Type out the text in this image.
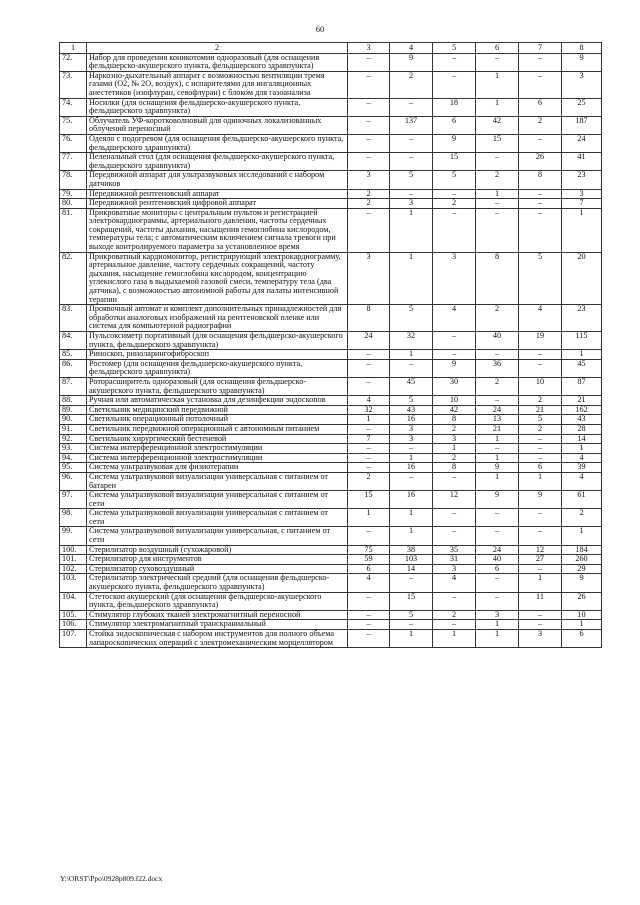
60
1	2	3	4	5	6	7	8
72.	Набор для проведения коникотомии одноразовый (для оснащения фельдшерско-акушерского пункта, фельдшерского здравпункта)	–	9	–	–	–	9
73.	Наркозно-дыхательный аппарат с возможностью вентиляции тремя газами (O2, № 2O, воздух), с испарителями для ингаляционных анестетиков (изофлуран, севофлуран) с блоком для газоанализа	–	2	–	1	–	3
74.	Носилки (для оснащения фельдшерско-акушерского пункта, фельдшерского здравпункта)	–	–	18	1	6	25
75.	Облучатель УФ-коротковолновый для одиночных локализованных облучений переносный	–	137	6	42	2	187
76.	Одеяло с подогревом (для оснащения фельдшерско-акушерского пункта, фельдшерского здравпункта)	–	–	9	15	–	24
77.	Пеленальный стол (для оснащения фельдшерско-акушерского пункта, фельдшерского здравпункта)	–	–	15	–	26	41
78.	Передвижной аппарат для ультразвуковых исследований с набором датчиков	3	5	5	2	8	23
79.	Передвижной рентгеновский аппарат	2	–	–	1	–	3
80.	Передвижной рентгеновский цифровой аппарат	2	3	2	–	–	7
81.	Прикроватные мониторы с центральным пультом и регистрацией электрокардиограммы, артериального давления, частоты сердечных сокращений, частоты дыхания, насыщения гемоглобина кислородом, температуры тела; с автоматическим включением сигнала тревоги при выходе контролируемого параметра за установленное время	–	1	–	–	–	1
82.	Прикроватный кардиомонитор, регистрирующий электрокардиограмму, артериальное давление, частоту сердечных сокращений, частоту дыхания, насыщение гемоглобина кислородом, концентрацию углекислого газа в выдыхаемой газовой смеси, температуру тела (два датчика), с возможностью автономной работы для палаты интенсивной терапии	3	1	3	8	5	20
83.	Проявочный автомат и комплект дополнительных принадлежностей для обработки аналоговых изображений на рентгеновской пленке или система для компьютерной радиографии	8	5	4	2	4	23
84.	Пульсоксиметр портативный (для оснащения фельдшерско-акушерского пункта, фельдшерского здравпункта)	24	32	–	40	19	115
85.	Риноскоп, риноларингофиброскоп	–	1	–	–	–	1
86.	Ростомер (для оснащения фельдшерско-акушерского пункта, фельдшерского здравпункта)	–	–	9	36	–	45
87.	Роторасширитель одноразовый (для оснащения фельдшерско-акушерского пункта, фельдшерского здравпункта)	–	45	30	2	10	87
88.	Ручная или автоматическая установка для дезинфекции эндоскопов	4	5	10	–	2	21
89.	Светильник медицинский передвижной	32	43	42	24	21	162
90.	Светильник операционный потолочный	1	16	8	13	5	43
91.	Светильник передвижной операционный с автономным питанием	–	3	2	21	2	28
92.	Светильник хирургический бестеневой	7	3	3	1	–	14
93.	Система интерференционной электростимуляции	–	–	1	–	–	1
94.	Система интерференционной электростимуляции	–	1	2	1	–	4
95.	Система ультразвуковая для физиотерапии	–	16	8	9	6	39
96.	Система ультразвуковой визуализации универсальная с питанием от батареи	2	–	–	1	1	4
97.	Система ультразвуковой визуализации универсальная с питанием от сети	15	16	12	9	9	61
98.	Система ультразвуковой визуализации универсальная с питанием от сети	1	1	–	–	–	2
99.	Система ультразвуковой визуализации универсальная, с питанием от сети	–	1	–	–	–	1
100.	Стерилизатор воздушный (сухожаровой)	75	38	35	24	12	184
101.	Стерилизатор для инструментов	59	103	31	40	27	260
102.	Стерилизатор суховоздушный	6	14	3	6	–	29
103.	Стерилизатор электрический средний (для оснащения фельдшерско-акушерского пункта, фельдшерского здравпункта)	4	–	4	–	1	9
104.	Стетоскоп акушерский (для оснащения фельдшерско-акушерского пункта, фельдшерского здравпункта)	–	15	–	–	11	26
105.	Стимулятор глубоких тканей электромагнитный переносной	–	5	2	3	–	10
106.	Стимулятор электромагнитный транскраниальный	–	–	–	1	–	1
107.	Стойка эндоскопическая с набором инструментов для полного объема лапароскопических операций с электромеханическим морцеллятором	–	1	1	1	3	6
Y:\ORST\Ppo\0928p809.f22.docx
